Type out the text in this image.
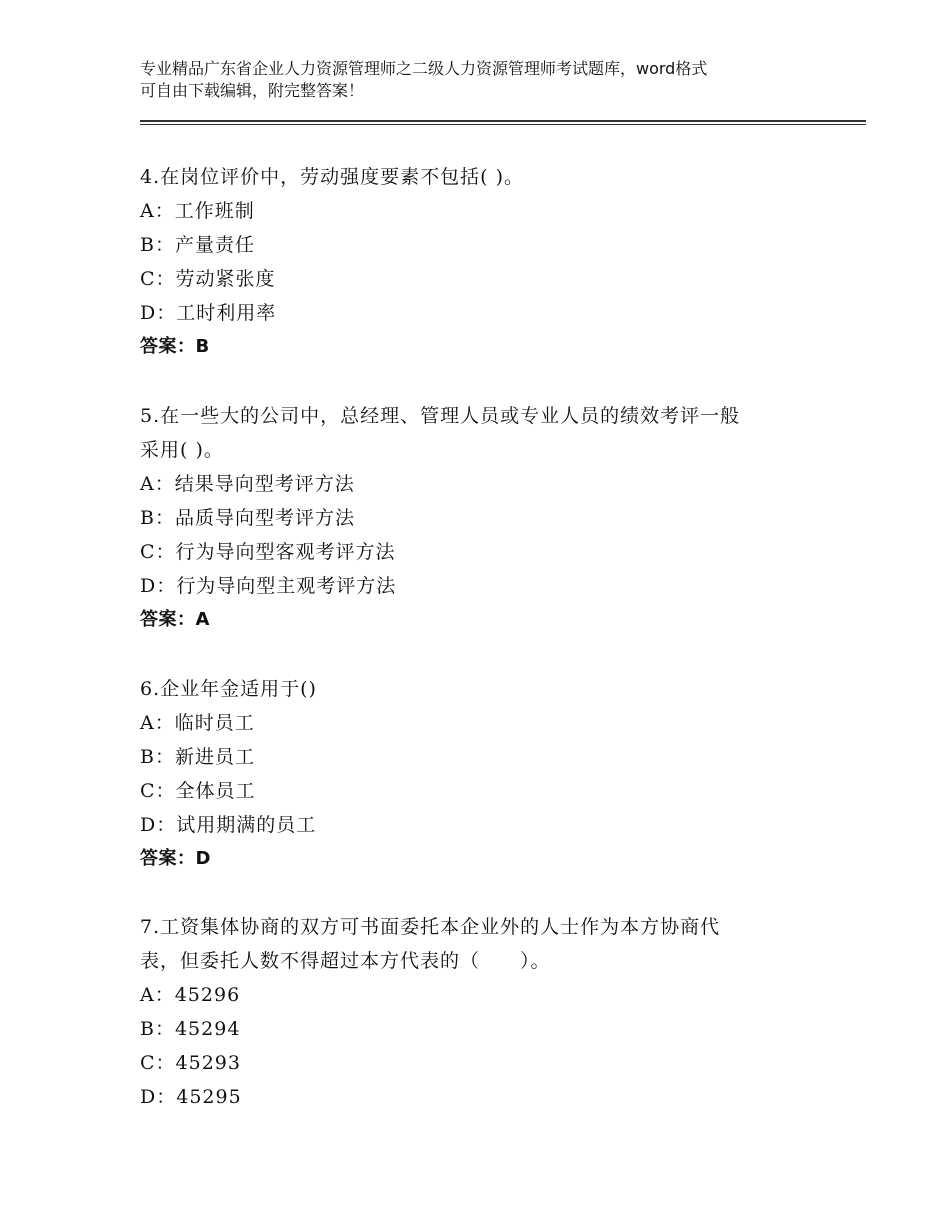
专业精品广东省企业人力资源管理师之二级人力资源管理师考试题库，word格式
可自由下载编辑，附完整答案！
4.在岗位评价中，劳动强度要素不包括( )。
A：工作班制
B：产量责任
C：劳动紧张度
D：工时利用率
答案：B
5.在一些大的公司中，总经理、管理人员或专业人员的绩效考评一般
采用( )。
A：结果导向型考评方法
B：品质导向型考评方法
C：行为导向型客观考评方法
D：行为导向型主观考评方法
答案：A
6.企业年金适用于()
A：临时员工
B：新进员工
C：全体员工
D：试用期满的员工
答案：D
7.工资集体协商的双方可书面委托本企业外的人士作为本方协商代
表，但委托人数不得超过本方代表的（　　）。
A：45296
B：45294
C：45293
D：45295
